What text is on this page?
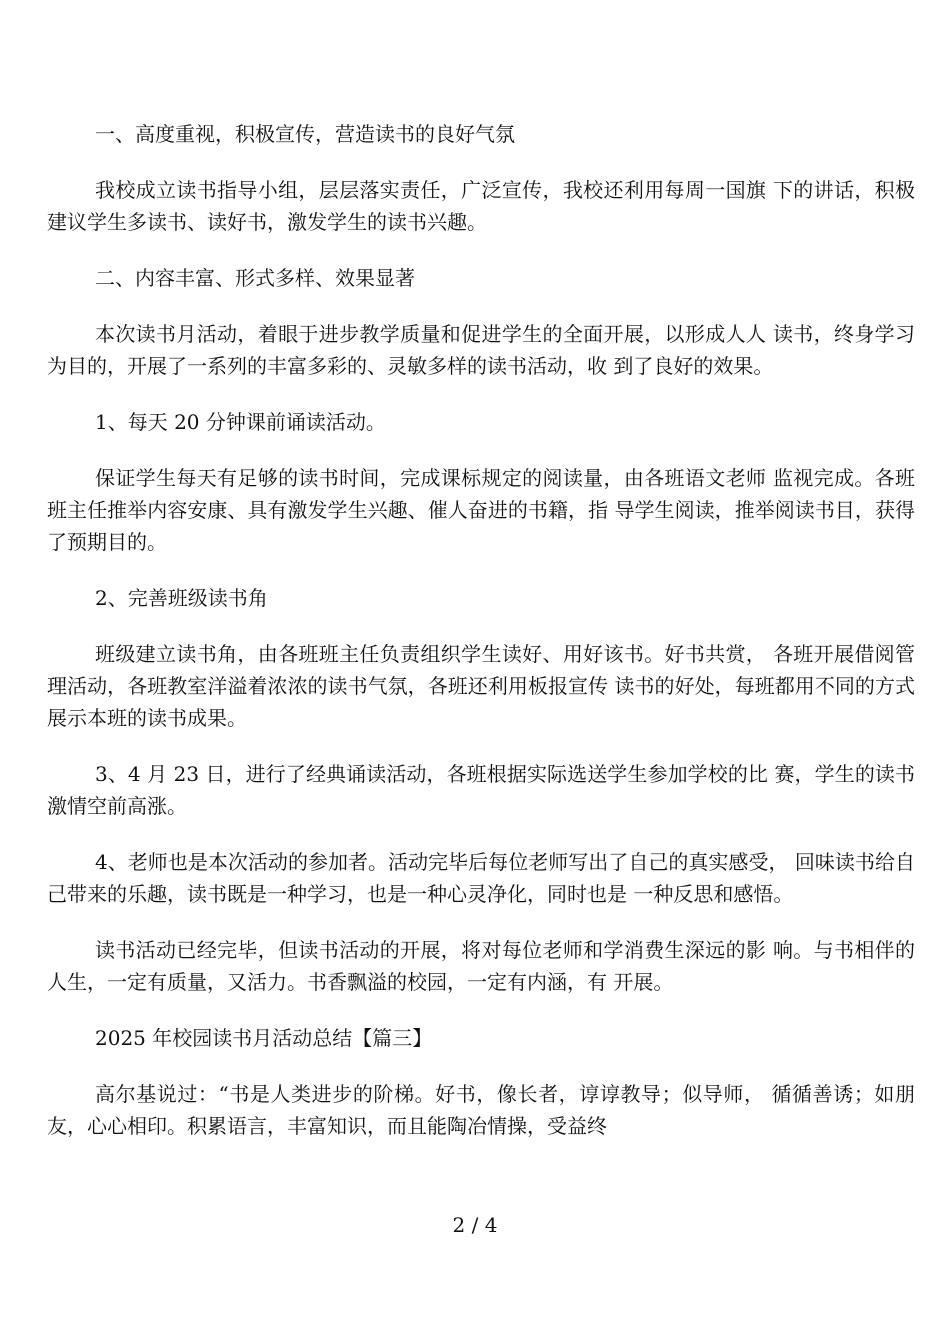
一、高度重视，积极宣传，营造读书的良好气氛

我校成立读书指导小组，层层落实责任，广泛宣传，我校还利用每周一国旗 下的讲话，积极建议学生多读书、读好书，激发学生的读书兴趣。

二、内容丰富、形式多样、效果显著

本次读书月活动，着眼于进步教学质量和促进学生的全面开展，以形成人人 读书，终身学习为目的，开展了一系列的丰富多彩的、灵敏多样的读书活动，收 到了良好的效果。

1、每天 20 分钟课前诵读活动。

保证学生每天有足够的读书时间，完成课标规定的阅读量，由各班语文老师 监视完成。各班班主任推举内容安康、具有激发学生兴趣、催人奋进的书籍，指 导学生阅读，推举阅读书目，获得了预期目的。

2、完善班级读书角

班级建立读书角，由各班班主任负责组织学生读好、用好该书。好书共赏， 各班开展借阅管理活动，各班教室洋溢着浓浓的读书气氛，各班还利用板报宣传 读书的好处，每班都用不同的方式展示本班的读书成果。

3、4 月 23 日，进行了经典诵读活动，各班根据实际选送学生参加学校的比 赛，学生的读书激情空前高涨。

4、老师也是本次活动的参加者。活动完毕后每位老师写出了自己的真实感受， 回味读书给自己带来的乐趣，读书既是一种学习，也是一种心灵净化，同时也是 一种反思和感悟。

读书活动已经完毕，但读书活动的开展，将对每位老师和学消费生深远的影 响。与书相伴的人生，一定有质量，又活力。书香飘溢的校园，一定有内涵，有 开展。

2025 年校园读书月活动总结【篇三】

高尔基说过：“书是人类进步的阶梯。好书，像长者，谆谆教导；似导师， 循循善诱；如朋友，心心相印。积累语言，丰富知识，而且能陶冶情操，受益终

2 / 4
